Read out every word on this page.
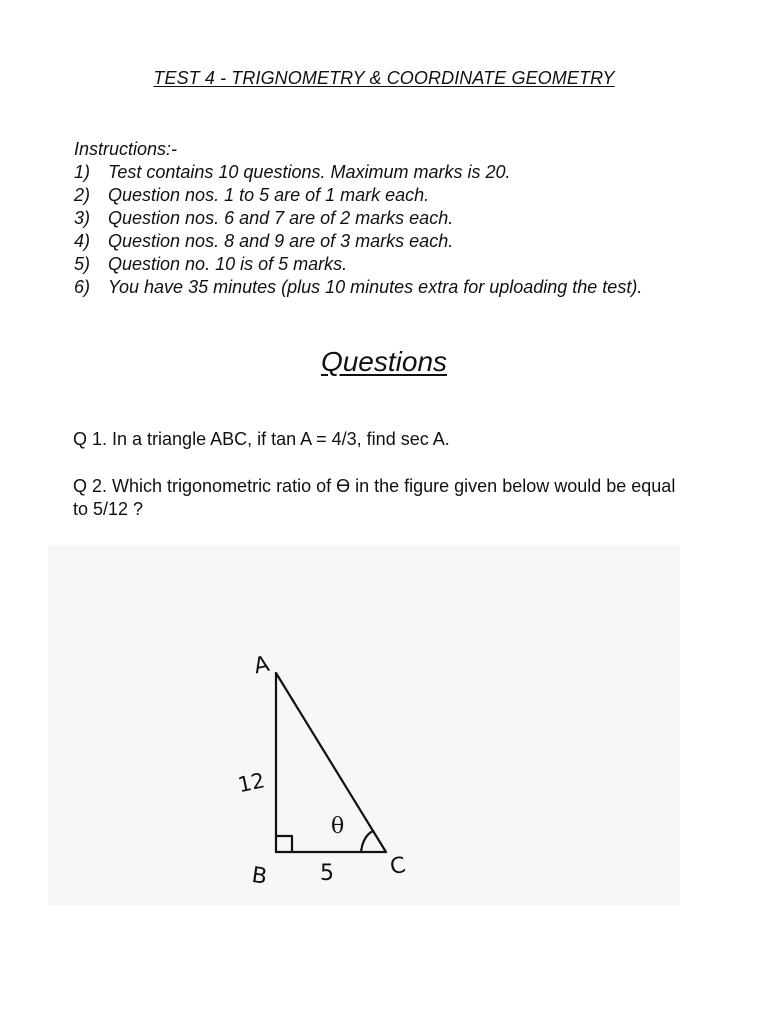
TEST 4 - TRIGNOMETRY & COORDINATE GEOMETRY

Instructions:-

1) Test contains 10 questions. Maximum marks is 20.
2) Question nos. 1 to 5 are of 1 mark each.
3) Question nos. 6 and 7 are of 2 marks each.
4) Question nos. 8 and 9 are of 3 marks each.
5) Question no. 10 is of 5 marks.
6) You have 35 minutes (plus 10 minutes extra for uploading the test).
Questions
Q 1. In a triangle ABC, if tan A = 4/3, find sec A.
Q 2. Which trigonometric ratio of ϴ in the figure given below would be equal to 5/12 ?
A
B	C
12
5
θ
